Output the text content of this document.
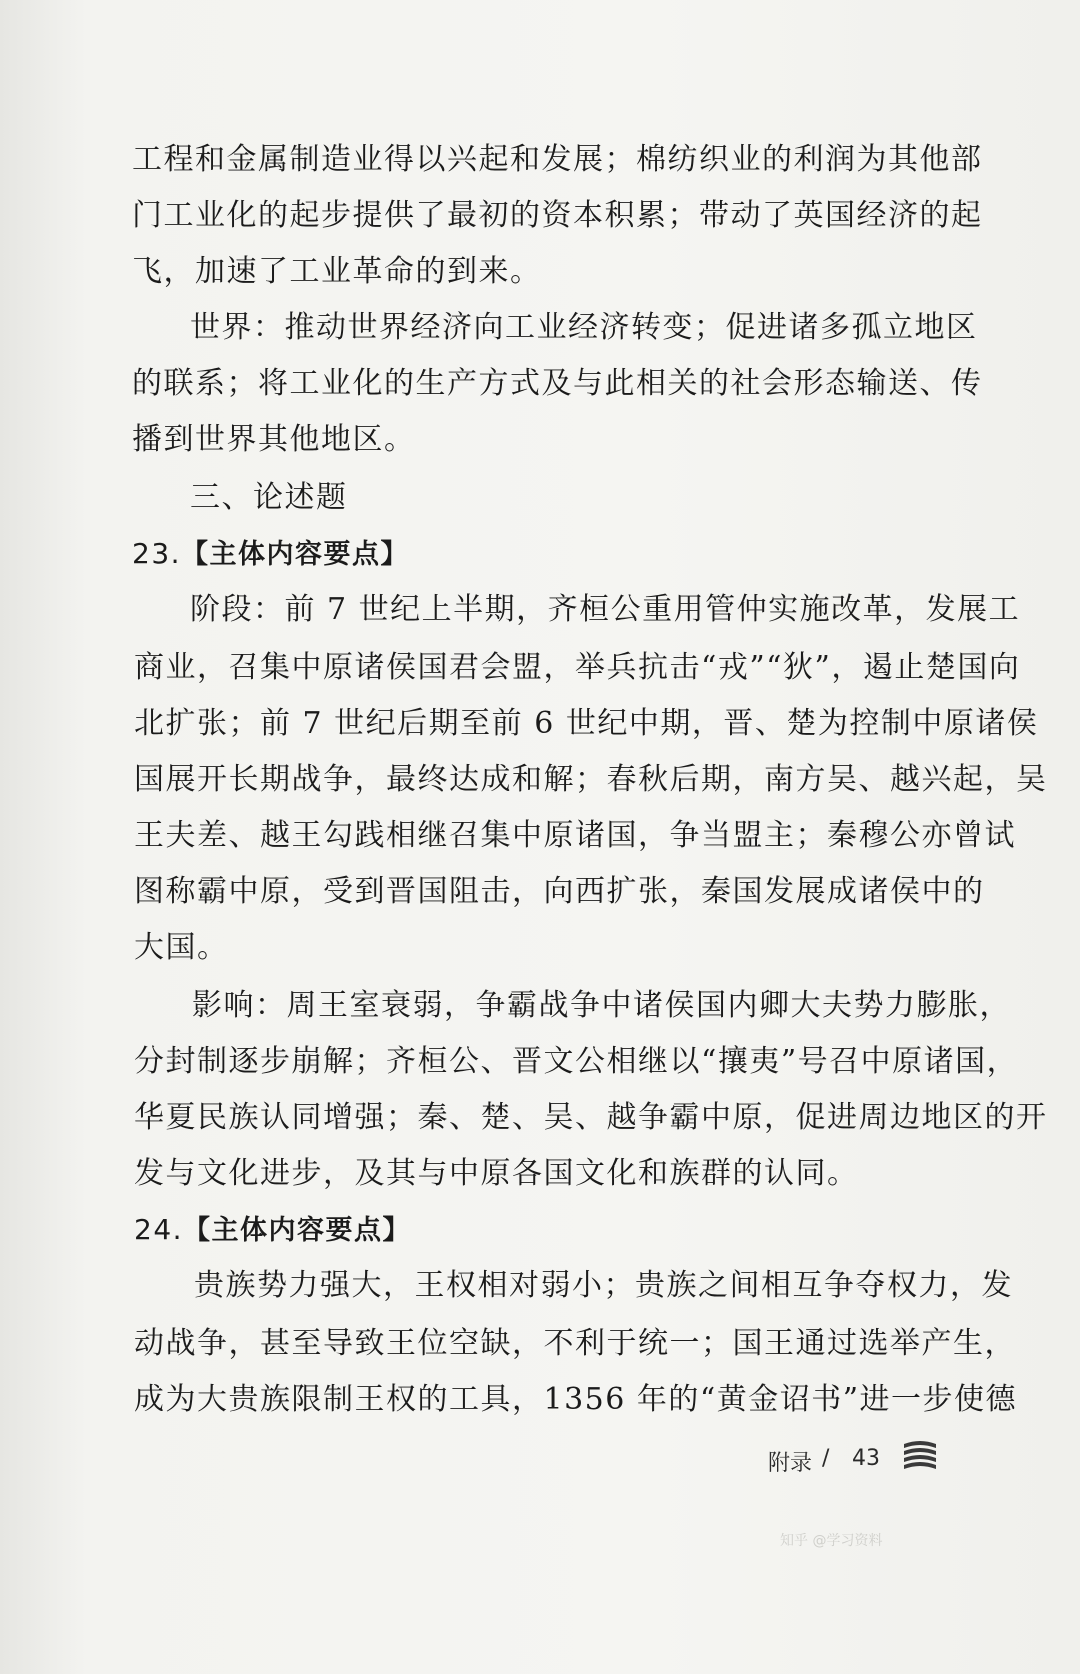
工程和金属制造业得以兴起和发展；棉纺织业的利润为其他部
门工业化的起步提供了最初的资本积累；带动了英国经济的起
飞，加速了工业革命的到来。
世界：推动世界经济向工业经济转变；促进诸多孤立地区
的联系；将工业化的生产方式及与此相关的社会形态输送、传
播到世界其他地区。
三、论述题
23.【主体内容要点】
阶段：前 7 世纪上半期，齐桓公重用管仲实施改革，发展工
商业，召集中原诸侯国君会盟，举兵抗击“戎”“狄”，遏止楚国向
北扩张；前 7 世纪后期至前 6 世纪中期，晋、楚为控制中原诸侯
国展开长期战争，最终达成和解；春秋后期，南方吴、越兴起，吴
王夫差、越王勾践相继召集中原诸国，争当盟主；秦穆公亦曾试
图称霸中原，受到晋国阻击，向西扩张，秦国发展成诸侯中的
大国。
影响：周王室衰弱，争霸战争中诸侯国内卿大夫势力膨胀，
分封制逐步崩解；齐桓公、晋文公相继以“攘夷”号召中原诸国，
华夏民族认同增强；秦、楚、吴、越争霸中原，促进周边地区的开
发与文化进步，及其与中原各国文化和族群的认同。
24.【主体内容要点】
贵族势力强大，王权相对弱小；贵族之间相互争夺权力，发
动战争，甚至导致王位空缺，不利于统一；国王通过选举产生，
成为大贵族限制王权的工具，1356 年的“黄金诏书”进一步使德
附录 / 43
知乎 @学习资料
